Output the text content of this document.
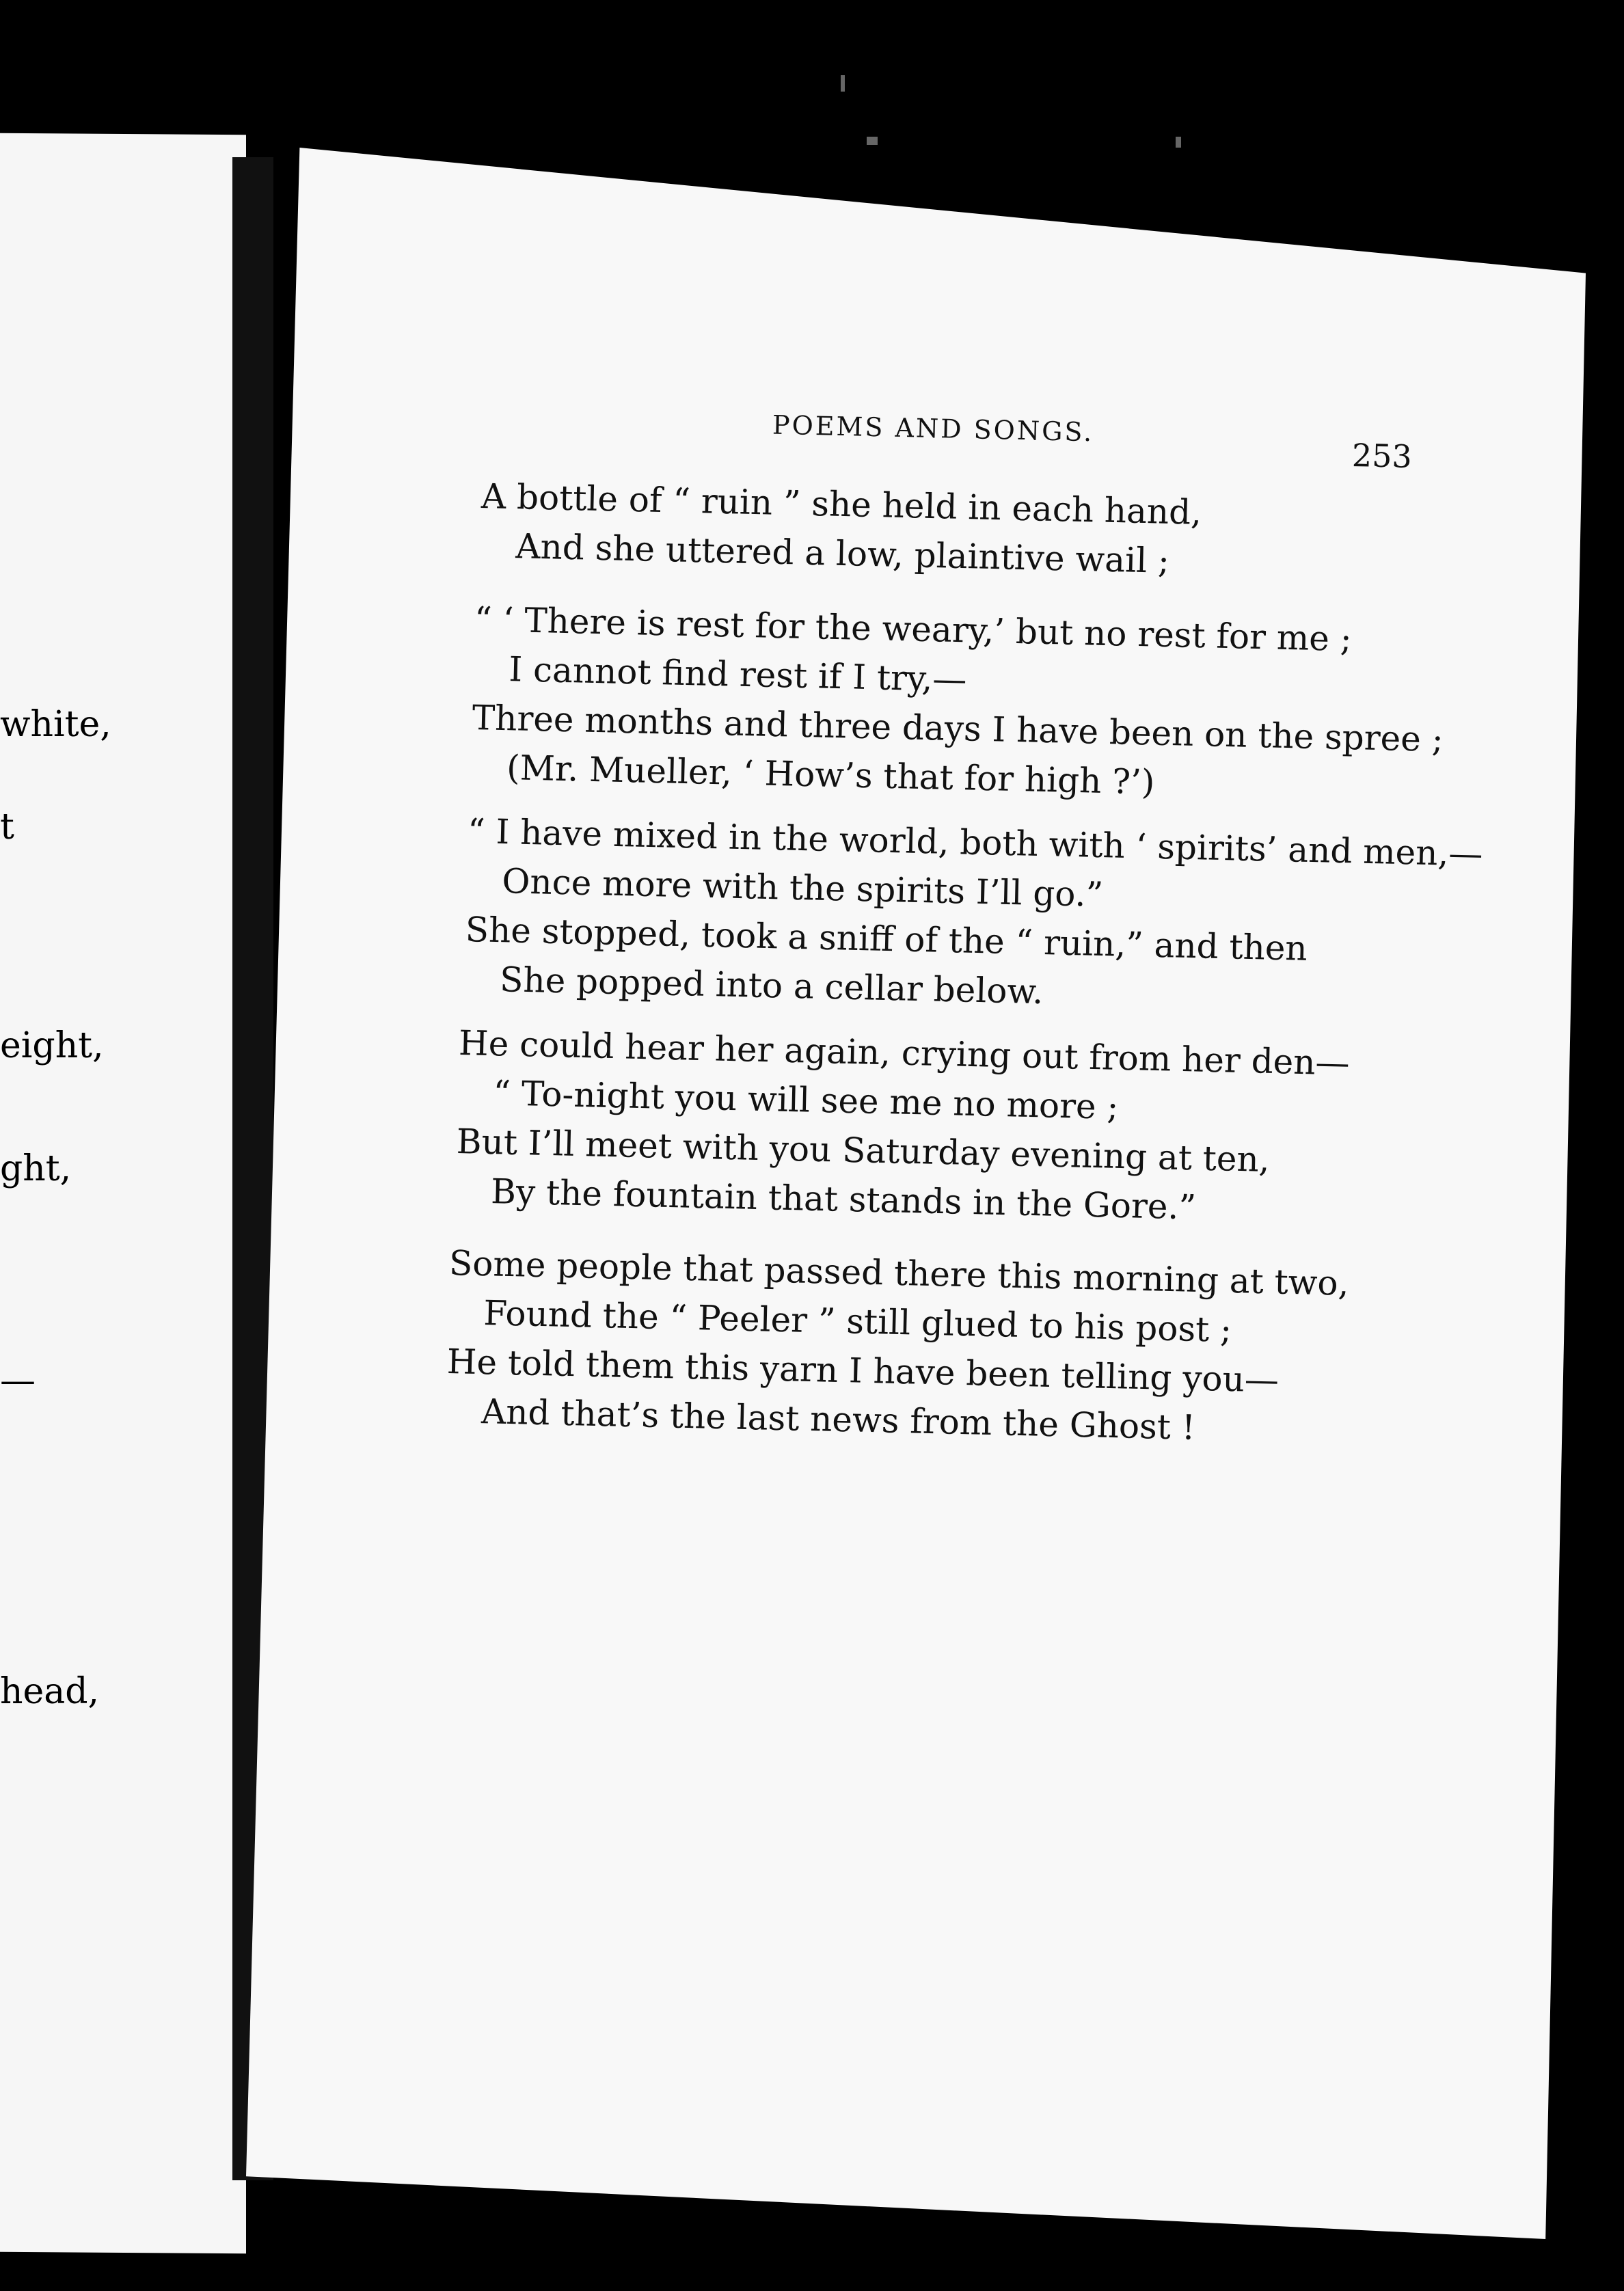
white,
t
eight,
ght,
—
head,
POEMS AND SONGS.
253
A bottle of “ ruin ” she held in each hand,
And she uttered a low, plaintive wail ;
“ ‘ There is rest for the weary,’ but no rest for me ;
I cannot find rest if I try,—
Three months and three days I have been on the spree ;
(Mr. Mueller, ‘ How’s that for high ?’)
“ I have mixed in the world, both with ‘ spirits’ and men,—
Once more with the spirits I’ll go.”
She stopped, took a sniff of the “ ruin,” and then
She popped into a cellar below.
He could hear her again, crying out from her den—
“ To-night you will see me no more ;
But I’ll meet with you Saturday evening at ten,
By the fountain that stands in the Gore.”
Some people that passed there this morning at two,
Found the “ Peeler ” still glued to his post ;
He told them this yarn I have been telling you—
And that’s the last news from the Ghost !
